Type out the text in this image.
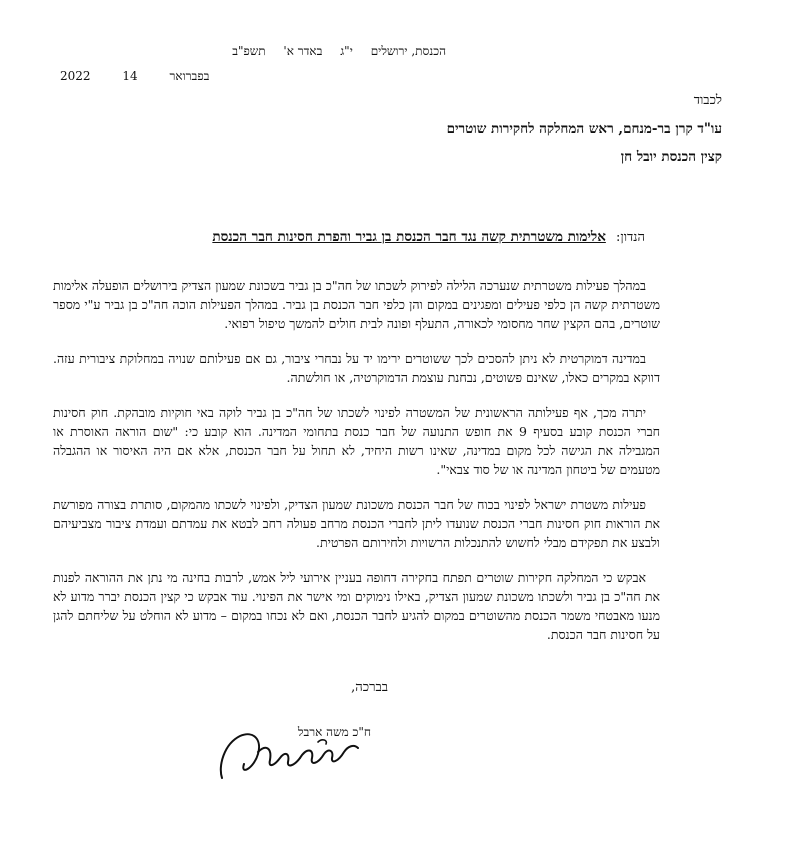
הכנסת, ירושלים י"ג באדר א' תשפ"ב
2022	בפברואר 14
לכבוד
עו"ד קרן בר-מנחם, ראש המחלקה לחקירות שוטרים
קצין הכנסת יובל חן
הנדון: אלימות משטרתית קשה נגד חבר הכנסת בן גביר והפרת חסינות חבר הכנסת

במהלך פעילות משטרתית שנערכה הלילה לפירוק לשכתו של חה"כ בן גביר בשכונת שמעון הצדיק בירושלים הופעלה אלימות משטרתית קשה הן כלפי פעילים ומפגינים במקום והן כלפי חבר הכנסת בן גביר. במהלך הפעילות הוכה חה"כ בן גביר ע"י מספר שוטרים, בהם הקצין שחר מחסומי לכאורה, התעלף ופונה לבית חולים להמשך טיפול רפואי.

במדינה דמוקרטית לא ניתן להסכים לכך ששוטרים ירימו יד על נבחרי ציבור, גם אם פעילותם שנויה במחלוקת ציבורית עזה. דווקא במקרים כאלו, שאינם פשוטים, נבחנת עוצמת הדמוקרטיה, או חולשתה.

יתרה מכך, אף פעילותה הראשונית של המשטרה לפינוי לשכתו של חה"כ בן גביר לוקה באי חוקיות מובהקת. חוק חסינות חברי הכנסת קובע בסעיף 9 את חופש התנועה של חבר כנסת בתחומי המדינה. הוא קובע כי: "שום הוראה האוסרת או המגבילה את הגישה לכל מקום במדינה, שאינו רשות היחיד, לא תחול על חבר הכנסת, אלא אם היה האיסור או ההגבלה מטעמים של ביטחון המדינה או של סוד צבאי".

פעילות משטרת ישראל לפינוי בכוח של חבר הכנסת משכונת שמעון הצדיק, ולפינוי לשכתו מהמקום, סותרת בצורה מפורשת את הוראות חוק חסינות חברי הכנסת שנועדו ליתן לחברי הכנסת מרחב פעולה רחב לבטא את עמדתם ועמדת ציבור מצביעיהם ולבצע את תפקידם מבלי לחשוש להתנכלות הרשויות ולחירותם הפרטית.

אבקש כי המחלקה חקירות שוטרים תפתח בחקירה דחופה בעניין אירועי ליל אמש, לרבות בחינה מי נתן את ההוראה לפנות את חה"כ בן גביר ולשכתו משכונת שמעון הצדיק, באילו נימוקים ומי אישר את הפינוי. עוד אבקש כי קצין הכנסת יברר מדוע לא מנעו מאבטחי משמר הכנסת מהשוטרים במקום להגיע לחבר הכנסת, ואם לא נכחו במקום – מדוע לא הוחלט על שליחתם להגן על חסינות חבר הכנסת.

בברכה,
ח"כ משה ארבל
